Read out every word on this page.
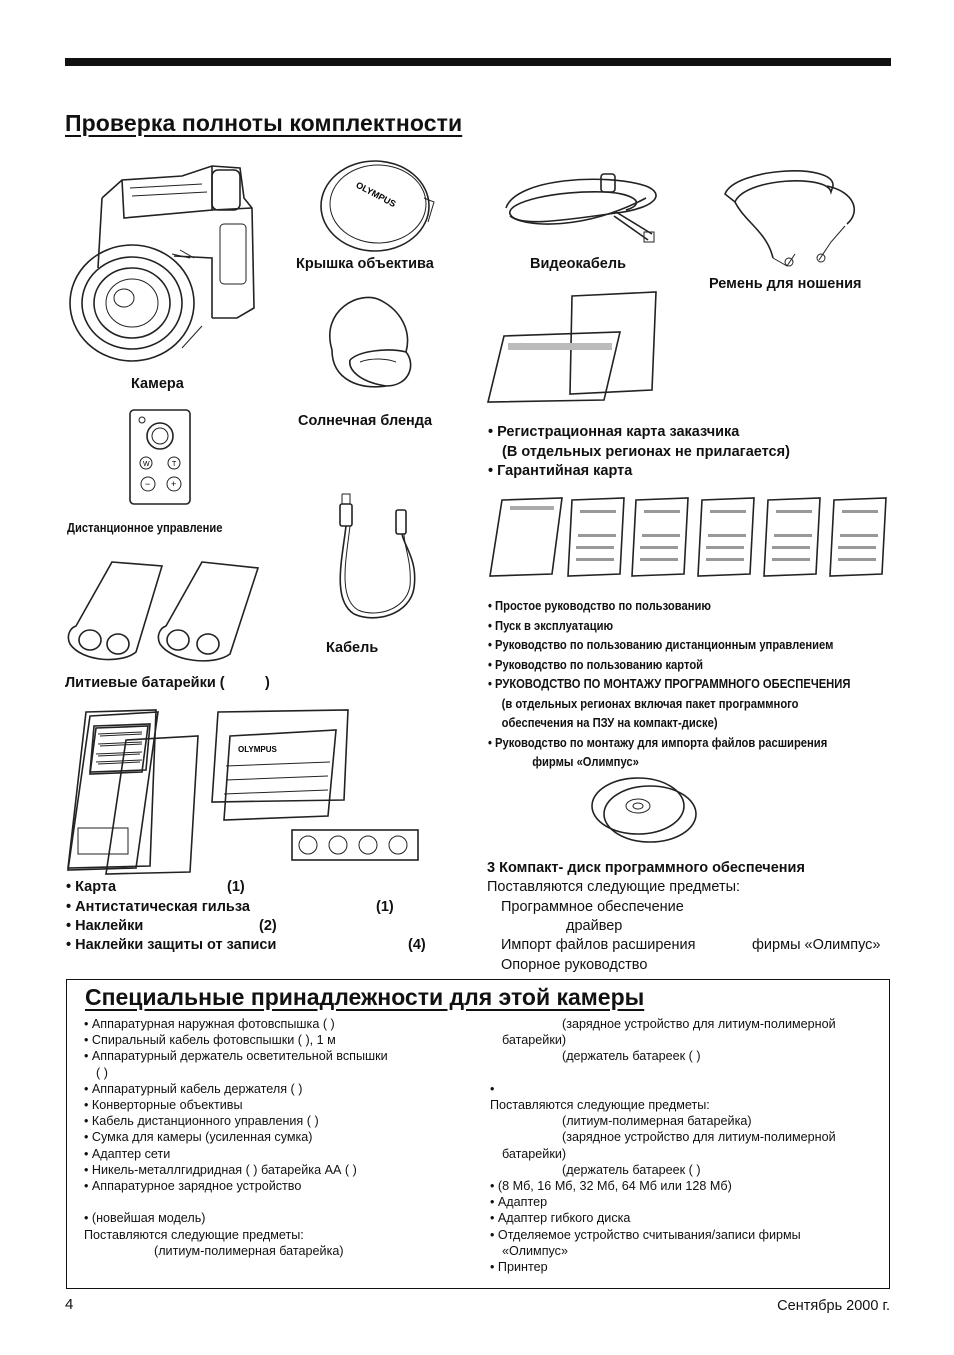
Проверка полноты комплектности
OLYMPUS
W	T
− +
OLYMPUS
Камера
Крышка объектива	Видеокабель
Ремень для ношения
Солнечная бленда
Дистанционное управление
Кабель
Литиевые батарейки (	)
• Регистрационная карта заказчика
(В отдельных регионах не прилагается)
• Гарантийная карта
• Простое руководство по пользованию
• Пуск в эксплуатацию
• Руководство по пользованию дистанционным управлением
• Руководство по пользованию картой
• РУКОВОДСТВО ПО МОНТАЖУ ПРОГРАММНОГО ОБЕСПЕЧЕНИЯ
(в отдельных регионах включая пакет программного
обеспечения на ПЗУ на компакт-диске)
• Руководство по монтажу для импорта файлов расширения
фирмы «Олимпус»
• Карта	(1)
• Антистатическая гильза	(1)
• Наклейки	(2)
• Наклейки защиты от записи	(4)
3 Компакт- диск программного обеспечения
Поставляются следующие предметы:
Программное обеспечение
драйвер
Импорт файлов расширения	фирмы «Олимпус»
Опорное руководство
Специальные принадлежности для этой камеры
• Аппаратурная наружная фотовспышка ( )
• Спиральный кабель фотовспышки ( ), 1 м
• Аппаратурный держатель осветительной вспышки
( )
• Аппаратурный кабель держателя ( )
• Конверторные объективы
• Кабель дистанционного управления ( )
• Сумка для камеры (усиленная сумка)
• Адаптер сети
• Никель-металлгидридная ( ) батарейка АА ( )
• Аппаратурное зарядное устройство
• (новейшая модель)
Поставляются следующие предметы:
(литиум-полимерная батарейка)
(зарядное устройство для литиум-полимерной
батарейки)
(держатель батареек ( )
•
Поставляются следующие предметы:
(литиум-полимерная батарейка)
(зарядное устройство для литиум-полимерной
батарейки)
(держатель батареек ( )
• (8 Мб, 16 Мб, 32 Мб, 64 Мб или 128 Мб)
• Адаптер
• Адаптер гибкого диска
• Отделяемое устройство считывания/записи фирмы
«Олимпус»
• Принтер
4	Сентябрь 2000 г.
